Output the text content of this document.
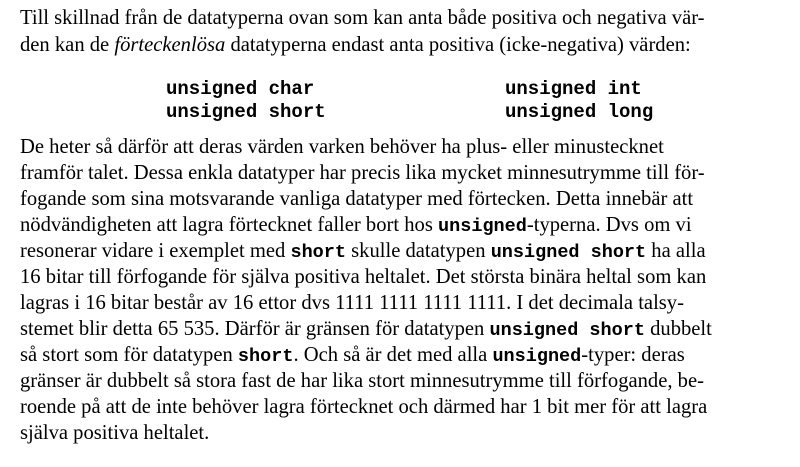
Till skillnad från de datatyperna ovan som kan anta både positiva och negativa vär-
den kan de förteckenlösa datatyperna endast anta positiva (icke-negativa) värden:
unsigned char
unsigned short
unsigned int
unsigned long
De heter så därför att deras värden varken behöver ha plus- eller minustecknet
framför talet. Dessa enkla datatyper har precis lika mycket minnesutrymme till för-
fogande som sina motsvarande vanliga datatyper med förtecken. Detta innebär att
nödvändigheten att lagra förtecknet faller bort hos unsigned-typerna. Dvs om vi
resonerar vidare i exemplet med short skulle datatypen unsigned short ha alla
16 bitar till förfogande för själva positiva heltalet. Det största binära heltal som kan
lagras i 16 bitar består av 16 ettor dvs 1111 1111 1111 1111. I det decimala talsy-
stemet blir detta 65 535. Därför är gränsen för datatypen unsigned short dubbelt
så stort som för datatypen short. Och så är det med alla unsigned-typer: deras
gränser är dubbelt så stora fast de har lika stort minnesutrymme till förfogande, be-
roende på att de inte behöver lagra förtecknet och därmed har 1 bit mer för att lagra
själva positiva heltalet.
